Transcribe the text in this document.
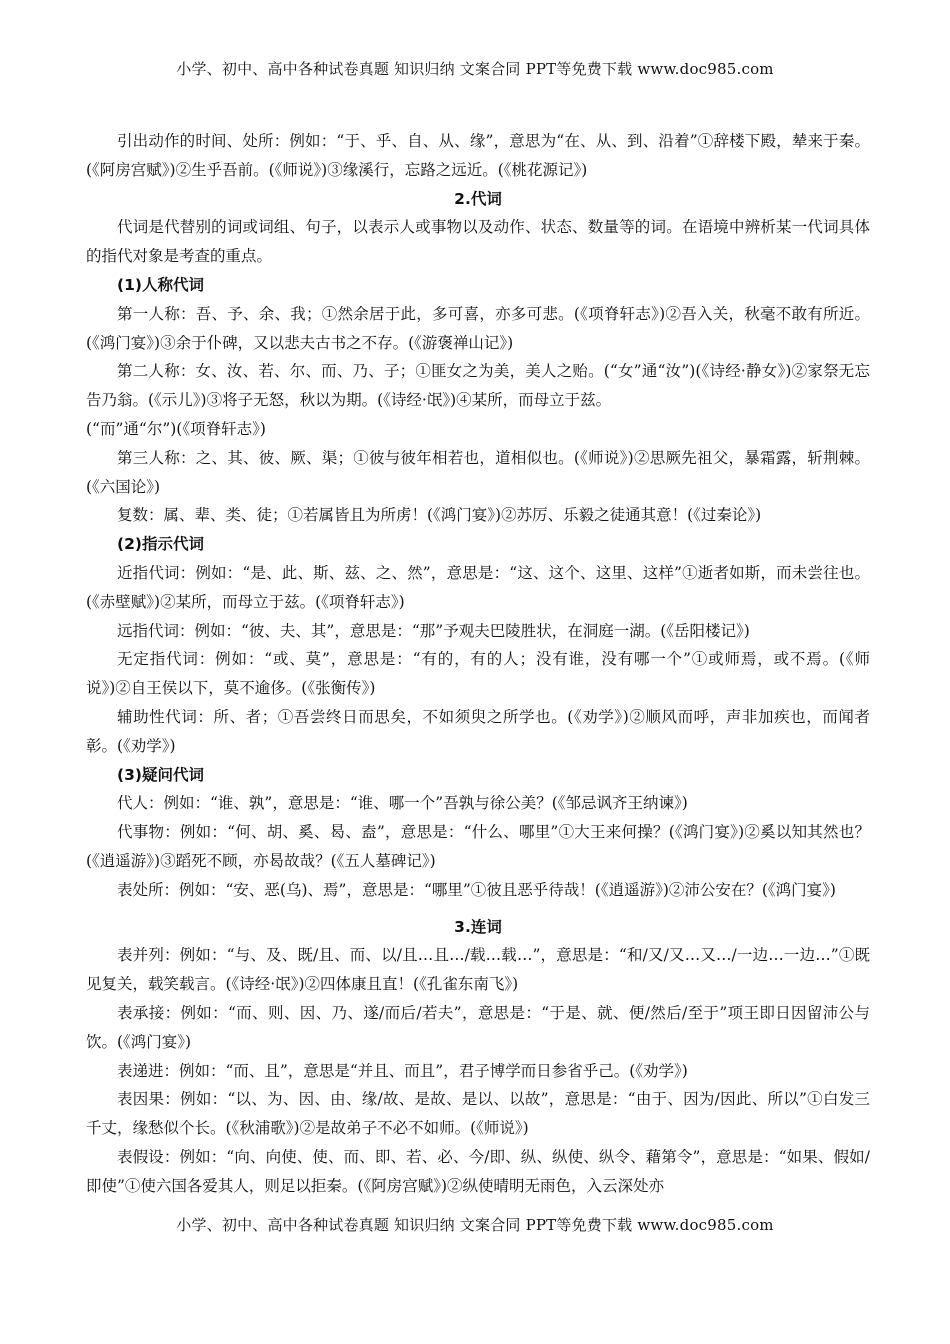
小学、初中、高中各种试卷真题 知识归纳 文案合同 PPT等免费下载 www.doc985.com

引出动作的时间、处所：例如：“于、乎、自、从、缘”，意思为“在、从、到、沿着”①辞楼下殿，辇来于秦。(《阿房宫赋》)②生乎吾前。(《师说》)③缘溪行，忘路之远近。(《桃花源记》)

2.代词

代词是代替别的词或词组、句子，以表示人或事物以及动作、状态、数量等的词。在语境中辨析某一代词具体的指代对象是考查的重点。

(1)人称代词

第一人称：吾、予、余、我；①然余居于此，多可喜，亦多可悲。(《项脊轩志》)②吾入关，秋毫不敢有所近。(《鸿门宴》)③余于仆碑，又以悲夫古书之不存。(《游褒禅山记》)

第二人称：女、汝、若、尔、而、乃、子；①匪女之为美，美人之贻。(“女”通“汝”)(《诗经·静女》)②家祭无忘告乃翁。(《示儿》)③将子无怒，秋以为期。(《诗经·氓》)④某所，而母立于兹。

(“而”通“尔”)(《项脊轩志》)

第三人称：之、其、彼、厥、渠；①彼与彼年相若也，道相似也。(《师说》)②思厥先祖父，暴霜露，斩荆棘。(《六国论》)

复数：属、辈、类、徒；①若属皆且为所虏！(《鸿门宴》)②苏厉、乐毅之徒通其意！(《过秦论》)

(2)指示代词

近指代词：例如：“是、此、斯、兹、之、然”，意思是：“这、这个、这里、这样”①逝者如斯，而未尝往也。(《赤壁赋》)②某所，而母立于兹。(《项脊轩志》)

远指代词：例如：“彼、夫、其”，意思是：“那”予观夫巴陵胜状，在洞庭一湖。(《岳阳楼记》)

无定指代词：例如：“或、莫”，意思是：“有的，有的人；没有谁，没有哪一个”①或师焉，或不焉。(《师说》)②自王侯以下，莫不逾侈。(《张衡传》)

辅助性代词：所、者；①吾尝终日而思矣，不如须臾之所学也。(《劝学》)②顺风而呼，声非加疾也，而闻者彰。(《劝学》)

(3)疑问代词

代人：例如：“谁、孰”，意思是：“谁、哪一个”吾孰与徐公美？(《邹忌讽齐王纳谏》)

代事物：例如：“何、胡、奚、曷、盍”，意思是：“什么、哪里”①大王来何操？(《鸿门宴》)②奚以知其然也？(《逍遥游》)③蹈死不顾，亦曷故哉？(《五人墓碑记》)

表处所：例如：“安、恶(乌)、焉”，意思是：“哪里”①彼且恶乎待哉！(《逍遥游》)②沛公安在？(《鸿门宴》)

3.连词

表并列：例如：“与、及、既/且、而、以/且…且…/载…载…”，意思是：“和/又/又…又…/一边…一边…”①既见复关，载笑载言。(《诗经·氓》)②四体康且直！(《孔雀东南飞》)

表承接：例如：“而、则、因、乃、遂/而后/若夫”，意思是：“于是、就、便/然后/至于”项王即日因留沛公与饮。(《鸿门宴》)

表递进：例如：“而、且”，意思是“并且、而且”，君子博学而日参省乎己。(《劝学》)

表因果：例如：“以、为、因、由、缘/故、是故、是以、以故”，意思是：“由于、因为/因此、所以”①白发三千丈，缘愁似个长。(《秋浦歌》)②是故弟子不必不如师。(《师说》)

表假设：例如：“向、向使、使、而、即、若、必、今/即、纵、纵使、纵令、藉第令”，意思是：“如果、假如/即使”①使六国各爱其人，则足以拒秦。(《阿房宫赋》)②纵使晴明无雨色，入云深处亦

小学、初中、高中各种试卷真题 知识归纳 文案合同 PPT等免费下载 www.doc985.com
